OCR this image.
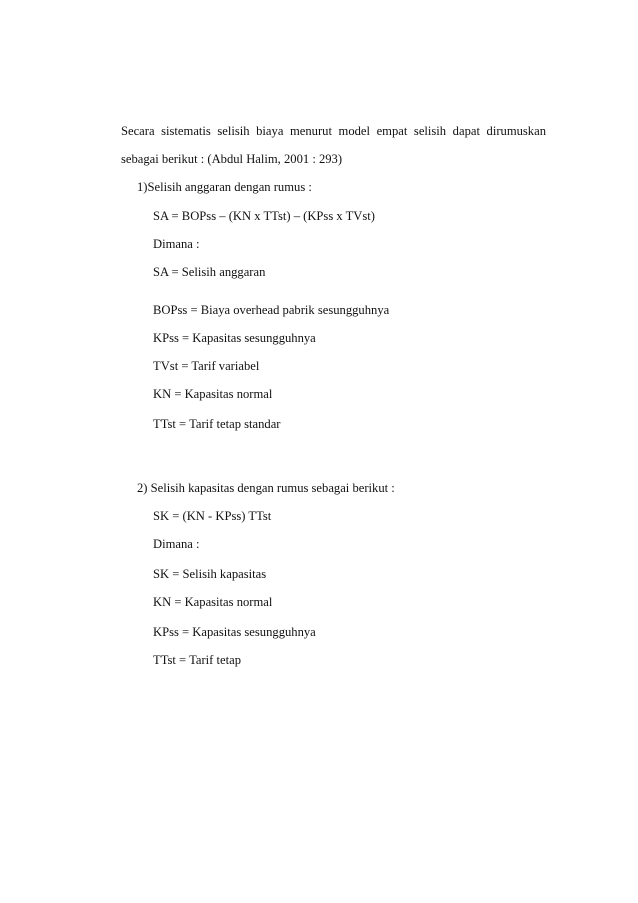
Secara sistematis selisih biaya menurut model empat selisih dapat dirumuskan
sebagai berikut : (Abdul Halim, 2001 : 293)
1)Selisih anggaran dengan rumus :
SA = BOPss – (KN x TTst) – (KPss x TVst)
Dimana :
SA = Selisih anggaran
BOPss = Biaya overhead pabrik sesungguhnya
KPss = Kapasitas sesungguhnya
TVst = Tarif variabel
KN = Kapasitas normal
TTst = Tarif tetap standar
2) Selisih kapasitas dengan rumus sebagai berikut :
SK = (KN - KPss) TTst
Dimana :
SK = Selisih kapasitas
KN = Kapasitas normal
KPss = Kapasitas sesungguhnya
TTst = Tarif tetap
